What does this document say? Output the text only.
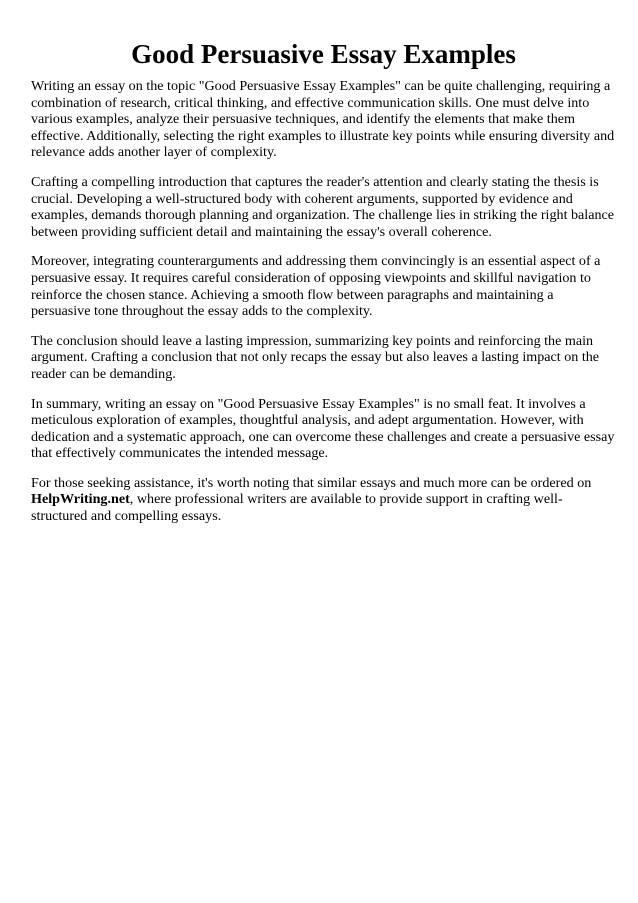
Good Persuasive Essay Examples

Writing an essay on the topic "Good Persuasive Essay Examples" can be quite challenging, requiring a combination of research, critical thinking, and effective communication skills. One must delve into various examples, analyze their persuasive techniques, and identify the elements that make them effective. Additionally, selecting the right examples to illustrate key points while ensuring diversity and relevance adds another layer of complexity.

Crafting a compelling introduction that captures the reader's attention and clearly stating the thesis is crucial. Developing a well-structured body with coherent arguments, supported by evidence and examples, demands thorough planning and organization. The challenge lies in striking the right balance between providing sufficient detail and maintaining the essay's overall coherence.

Moreover, integrating counterarguments and addressing them convincingly is an essential aspect of a persuasive essay. It requires careful consideration of opposing viewpoints and skillful navigation to reinforce the chosen stance. Achieving a smooth flow between paragraphs and maintaining a persuasive tone throughout the essay adds to the complexity.

The conclusion should leave a lasting impression, summarizing key points and reinforcing the main argument. Crafting a conclusion that not only recaps the essay but also leaves a lasting impact on the reader can be demanding.

In summary, writing an essay on "Good Persuasive Essay Examples" is no small feat. It involves a meticulous exploration of examples, thoughtful analysis, and adept argumentation. However, with dedication and a systematic approach, one can overcome these challenges and create a persuasive essay that effectively communicates the intended message.

For those seeking assistance, it's worth noting that similar essays and much more can be ordered on HelpWriting.net, where professional writers are available to provide support in crafting well-structured and compelling essays.
